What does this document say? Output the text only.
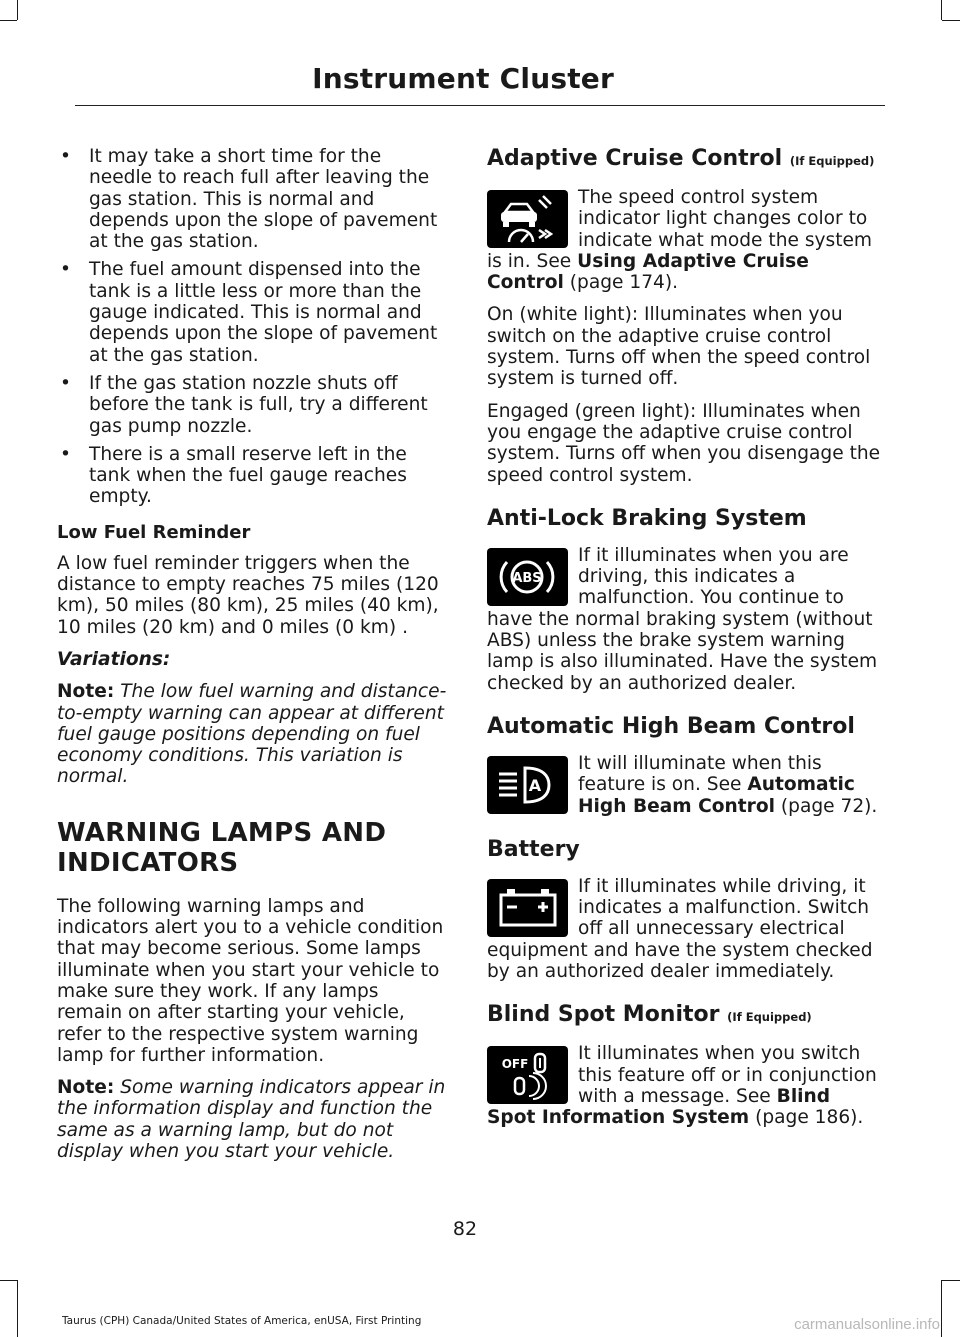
Instrument Cluster
• It may take a short time for the needle to reach full after leaving the gas station. This is normal and depends upon the slope of pavement at the gas station.
• The fuel amount dispensed into the tank is a little less or more than the gauge indicated. This is normal and depends upon the slope of pavement at the gas station.
• If the gas station nozzle shuts off before the tank is full, try a different gas pump nozzle.
• There is a small reserve left in the tank when the fuel gauge reaches empty.
Low Fuel Reminder

A low fuel reminder triggers when the distance to empty reaches 75 miles (120 km), 50 miles (80 km), 25 miles (40 km), 10 miles (20 km) and 0 miles (0 km) .

Variations:

Note: The low fuel warning and distance-to-empty warning can appear at different fuel gauge positions depending on fuel economy conditions. This variation is normal.

WARNING LAMPS AND
INDICATORS

The following warning lamps and indicators alert you to a vehicle condition that may become serious. Some lamps illuminate when you start your vehicle to make sure they work. If any lamps remain on after starting your vehicle, refer to the respective system warning lamp for further information.

Note: Some warning indicators appear in the information display and function the same as a warning lamp, but do not display when you start your vehicle.

Adaptive Cruise Control (If Equipped)

The speed control system indicator light changes color to indicate what mode the system is in. See Using Adaptive Cruise Control (page 174).

On (white light): Illuminates when you switch on the adaptive cruise control system. Turns off when the speed control system is turned off.

Engaged (green light): Illuminates when you engage the adaptive cruise control system. Turns off when you disengage the speed control system.

Anti-Lock Braking System
ABS

If it illuminates when you are driving, this indicates a malfunction. You continue to have the normal braking system (without ABS) unless the brake system warning lamp is also illuminated. Have the system checked by an authorized dealer.

Automatic High Beam Control
A

It will illuminate when this feature is on. See Automatic High Beam Control (page 72).

Battery

If it illuminates while driving, it indicates a malfunction. Switch off all unnecessary electrical equipment and have the system checked by an authorized dealer immediately.

Blind Spot Monitor (If Equipped)
OFF	It illuminates when you switch this feature off or in conjunction with a message. See Blind Spot Information System (page 186).

82
Taurus (CPH) Canada/United States of America, enUSA, First Printing	carmanualsonline.info
